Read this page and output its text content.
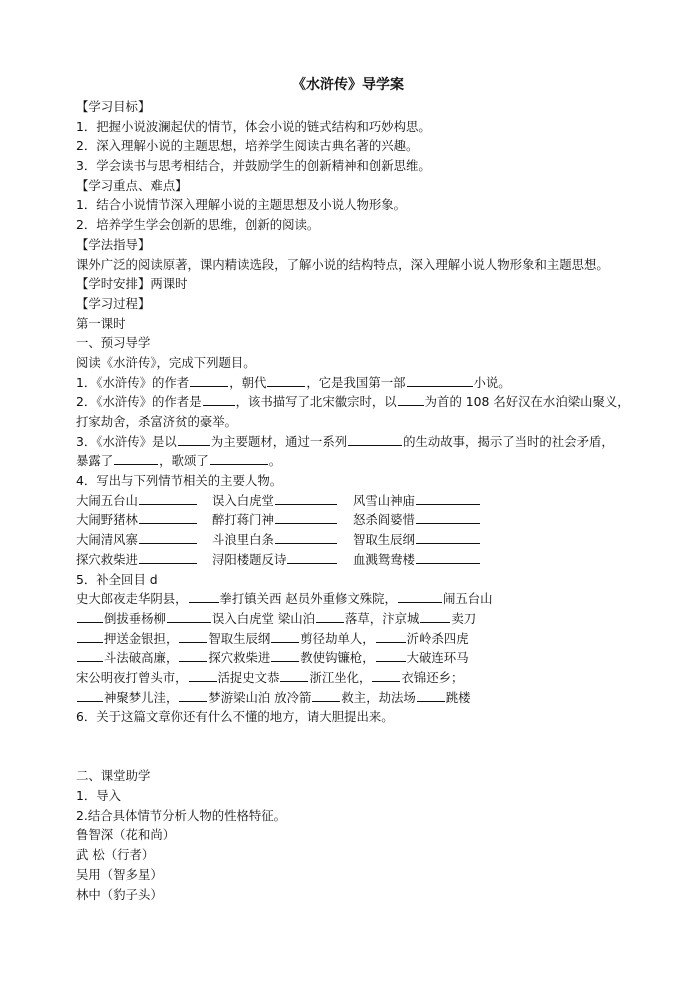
《水浒传》导学案
【学习目标】
1．把握小说波澜起伏的情节，体会小说的链式结构和巧妙构思。
2．深入理解小说的主题思想，培养学生阅读古典名著的兴趣。
3．学会读书与思考相结合，并鼓励学生的创新精神和创新思维。
【学习重点、难点】
1．结合小说情节深入理解小说的主题思想及小说人物形象。
2．培养学生学会创新的思维，创新的阅读。
【学法指导】
课外广泛的阅读原著，课内精读选段，了解小说的结构特点，深入理解小说人物形象和主题思想。
【学时安排】两课时
【学习过程】
第一课时
一、预习导学
阅读《水浒传》，完成下列题目。
1．《水浒传》的作者	，朝代	，它是我国第一部	小说。
2．《水浒传》的作者是	，该书描写了北宋徽宗时，以 为首的 108 名好汉在水泊梁山聚义，
打家劫舍，杀富济贫的豪举。
3．《水浒传》是以	为主要题材，通过一系列	的生动故事，揭示了当时的社会矛盾，
暴露了	，歌颂了	。
4．写出与下列情节相关的主要人物。
大闹五台山	误入白虎堂	风雪山神庙
大闹野猪林	醉打蒋门神	怒杀阎婆惜
大闹清风寨	斗浪里白条	智取生辰纲
探穴救柴进	浔阳楼题反诗	血溅鸳鸯楼
5．补全回目 d
史大郎夜走华阴县，	拳打镇关西 赵员外重修文殊院，	闹五台山
倒拔垂杨柳	误入白虎堂 梁山泊 落草，汴京城	卖刀
押送金银担， 智取生辰纲 剪径劫单人，	沂岭杀四虎
斗法破高廉， 探穴救柴进 教使钩镰枪，	大破连环马
宋公明夜打曾头市， 活捉史文恭 浙江坐化， 衣锦还乡；
神聚梦儿洼， 梦游梁山泊 放冷箭 救主，劫法场 跳楼
6．关于这篇文章你还有什么不懂的地方，请大胆提出来。
二、课堂助学
1．导入
2.结合具体情节分析人物的性格特征。
鲁智深（花和尚）
武 松（行者）
吴用（智多星）
林中（豹子头）
